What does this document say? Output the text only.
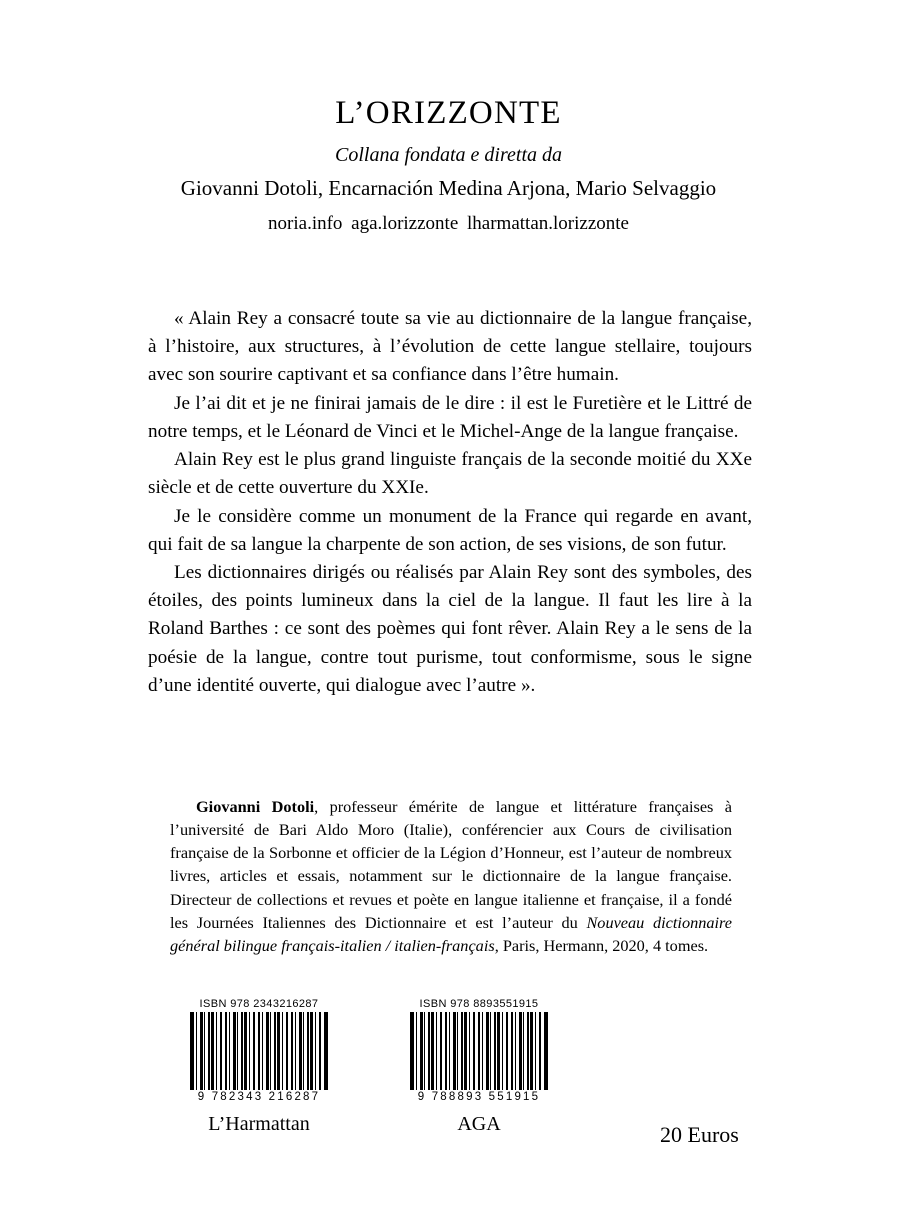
L’ORIZZONTE
Collana fondata e diretta da
Giovanni Dotoli, Encarnación Medina Arjona, Mario Selvaggio
noria.info aga.lorizzonte lharmattan.lorizzonte

« Alain Rey a consacré toute sa vie au dictionnaire de la langue française, à l’histoire, aux structures, à l’évolution de cette langue stellaire, toujours avec son sourire captivant et sa confiance dans l’être humain.

Je l’ai dit et je ne finirai jamais de le dire : il est le Furetière et le Littré de notre temps, et le Léonard de Vinci et le Michel-Ange de la langue française.

Alain Rey est le plus grand linguiste français de la seconde moitié du XXe siècle et de cette ouverture du XXIe.

Je le considère comme un monument de la France qui regarde en avant, qui fait de sa langue la charpente de son action, de ses visions, de son futur.

Les dictionnaires dirigés ou réalisés par Alain Rey sont des symboles, des étoiles, des points lumineux dans la ciel de la langue. Il faut les lire à la Roland Barthes : ce sont des poèmes qui font rêver. Alain Rey a le sens de la poésie de la langue, contre tout purisme, tout conformisme, sous le signe d’une identité ouverte, qui dialogue avec l’autre ».

Giovanni Dotoli, professeur émérite de langue et littérature françaises à l’université de Bari Aldo Moro (Italie), conférencier aux Cours de civilisation française de la Sorbonne et officier de la Légion d’Honneur, est l’auteur de nombreux livres, articles et essais, notamment sur le dictionnaire de la langue française. Directeur de collections et revues et poète en langue italienne et française, il a fondé les Journées Italiennes des Dictionnaire et est l’auteur du Nouveau dictionnaire général bilingue français-italien / italien-français, Paris, Hermann, 2020, 4 tomes.

ISBN 978 2343216287
9 782343 216287
L’Harmattan
ISBN 978 8893551915
9 788893 551915
AGA	20 Euros
